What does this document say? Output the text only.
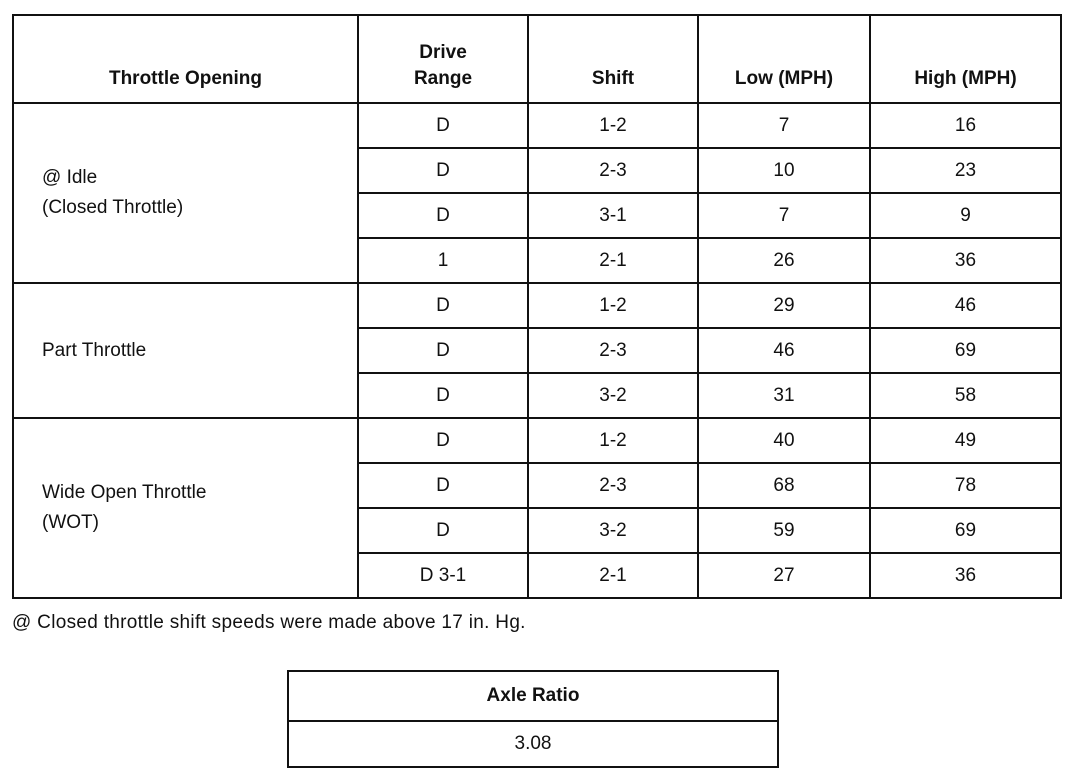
Throttle Opening	Drive
Range	Shift	Low (MPH)	High (MPH)

@ Idle
(Closed Throttle)	D	1-2	7	16
	D	2-3	10	23
	D	3-1	7	9
	1	2-1	26	36

Part Throttle	D	1-2	29	46
	D	2-3	46	69
	D	3-2	31	58

Wide Open Throttle
(WOT)	D	1-2	40	49
	D	2-3	68	78
	D	3-2	59	69
	D 3-1	2-1	27	36

@ Closed throttle shift speeds were made above 17 in. Hg.

Axle Ratio
3.08
